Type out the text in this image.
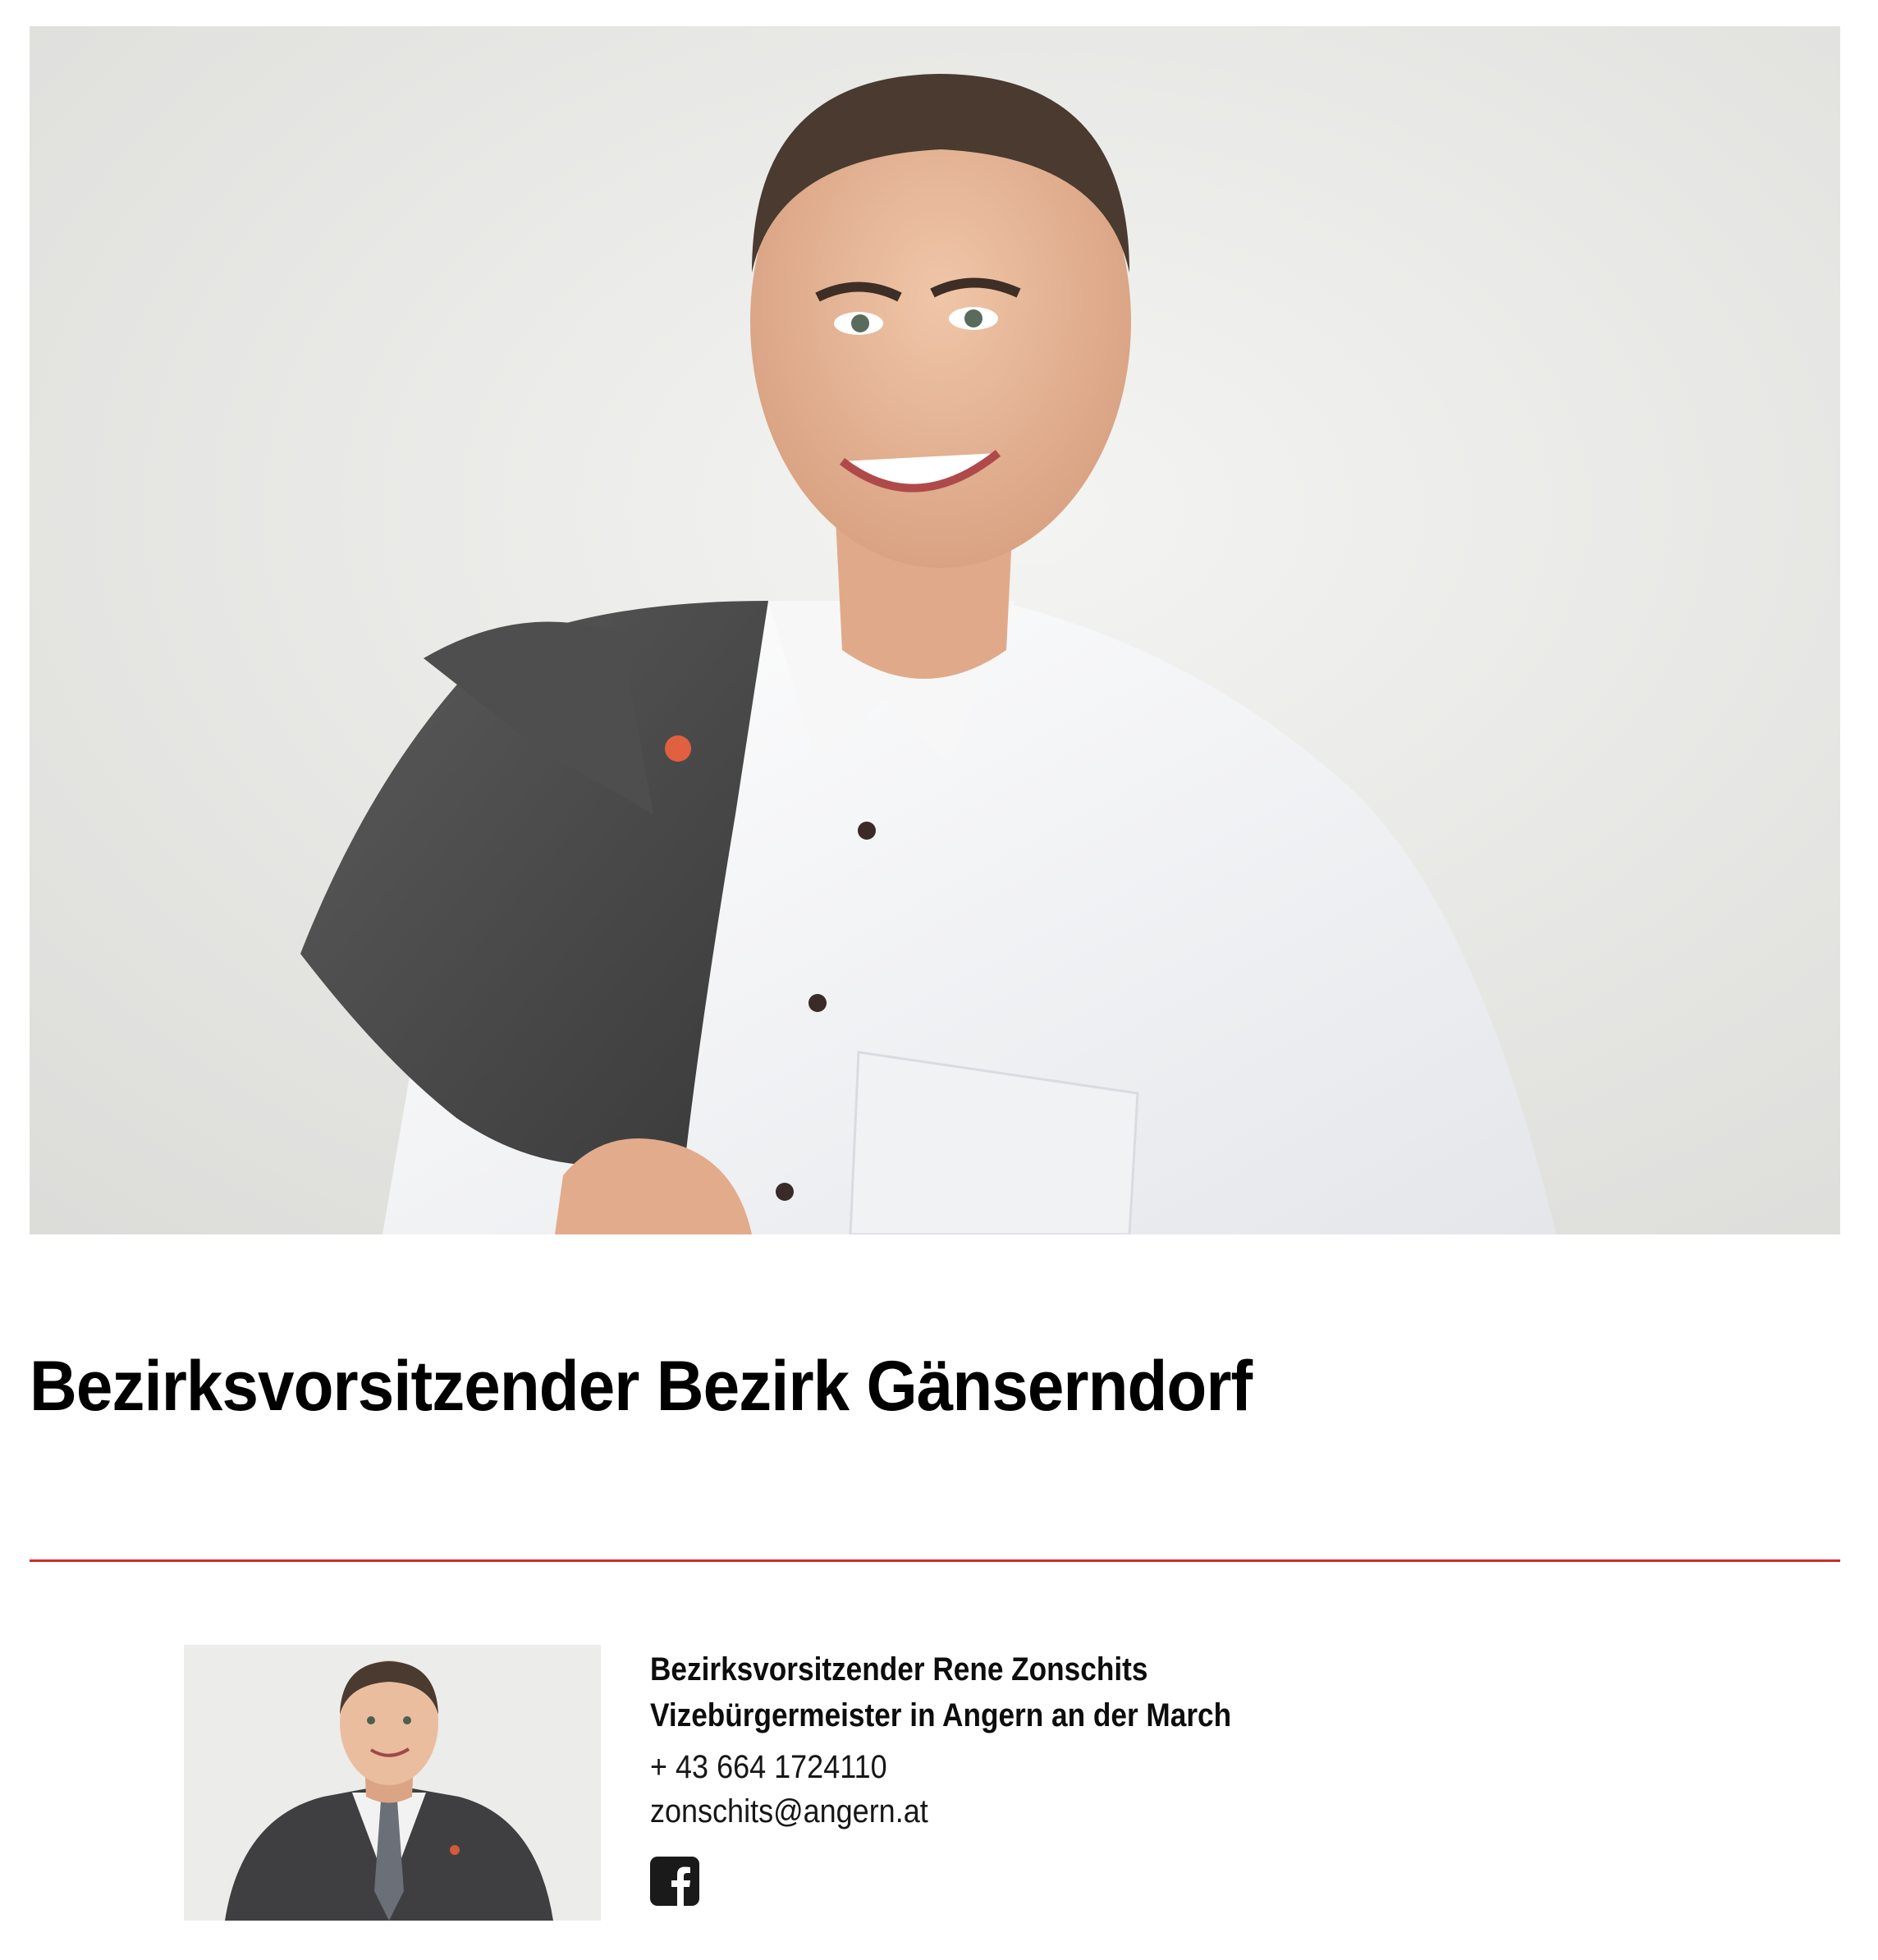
Bezirksvorsitzender Bezirk Gänserndorf
Bezirksvorsitzender Rene Zonschits
Vizebürgermeister in Angern an der March
+ 43 664 1724110
zonschits@angern.at
